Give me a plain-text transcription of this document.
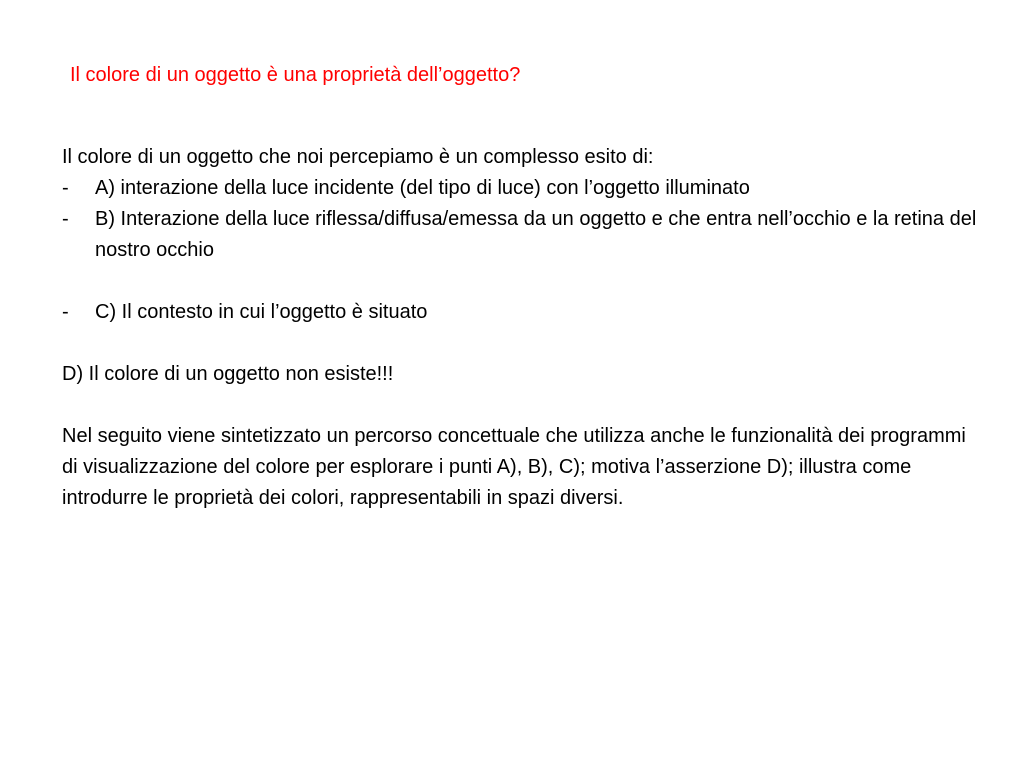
Il colore di un oggetto è una proprietà dell’oggetto?

Il colore di un oggetto che noi percepiamo è un complesso esito di:

- A) interazione della luce incidente (del tipo di luce) con l’oggetto illuminato
- B) Interazione della luce riflessa/diffusa/emessa da un oggetto e che entra nell’occhio e la retina del nostro occhio
- C) Il contesto in cui l’oggetto è situato

D) Il colore di un oggetto non esiste!!!

Nel seguito viene sintetizzato un percorso concettuale che utilizza anche le funzionalità dei programmi di visualizzazione del colore per esplorare i punti A), B), C); motiva l’asserzione D); illustra come introdurre le proprietà dei colori, rappresentabili in spazi diversi.
